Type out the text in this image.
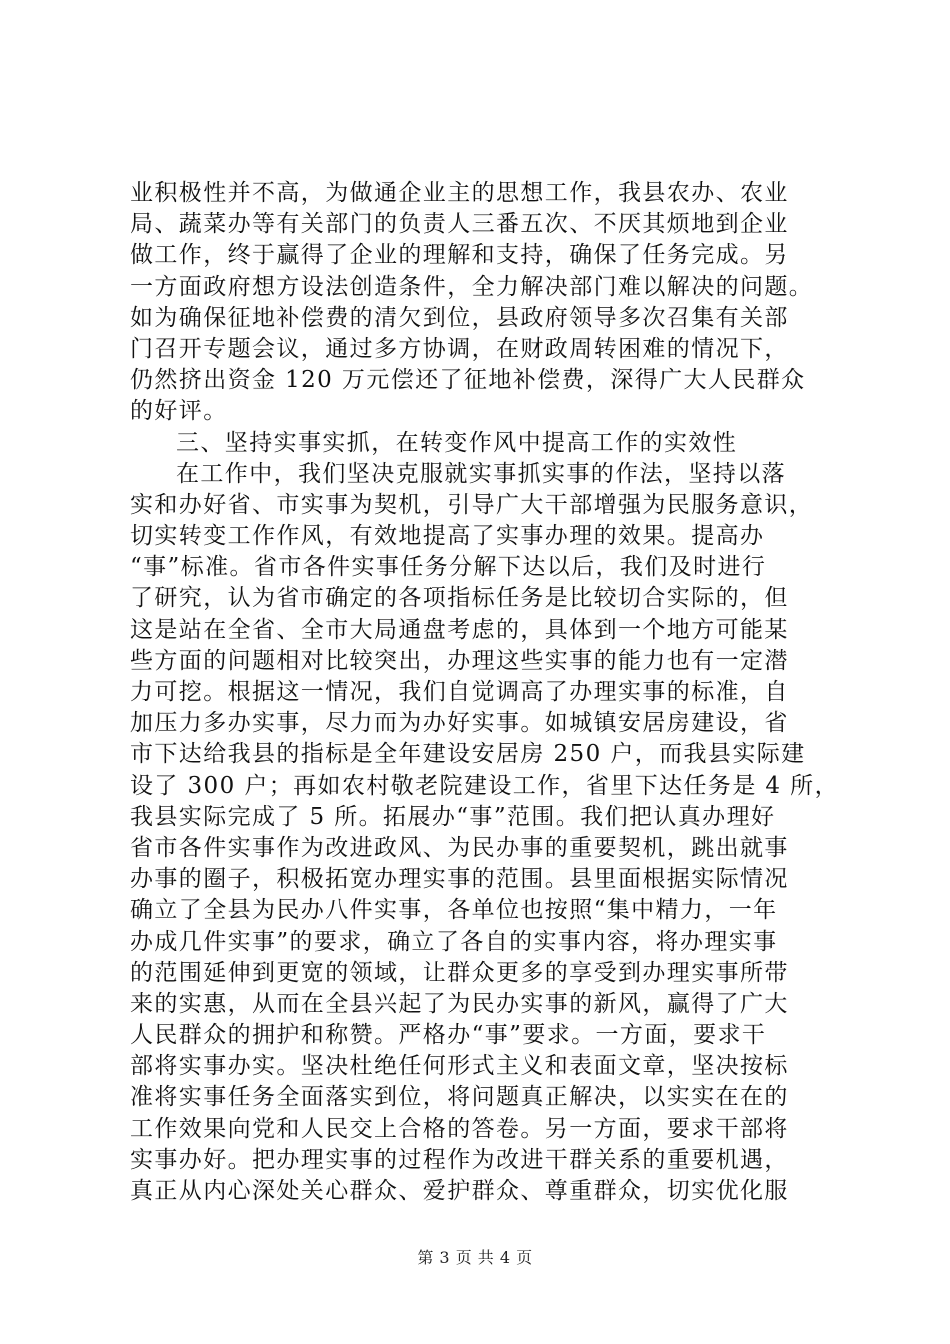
业积极性并不高，为做通企业主的思想工作，我县农办、农业
局、蔬菜办等有关部门的负责人三番五次、不厌其烦地到企业
做工作，终于赢得了企业的理解和支持，确保了任务完成。另
一方面政府想方设法创造条件，全力解决部门难以解决的问题。
如为确保征地补偿费的清欠到位，县政府领导多次召集有关部
门召开专题会议，通过多方协调，在财政周转困难的情况下，
仍然挤出资金 120 万元偿还了征地补偿费，深得广大人民群众
的好评。
三、坚持实事实抓，在转变作风中提高工作的实效性
在工作中，我们坚决克服就实事抓实事的作法，坚持以落
实和办好省、市实事为契机，引导广大干部增强为民服务意识，
切实转变工作作风，有效地提高了实事办理的效果。提高办
“事”标准。省市各件实事任务分解下达以后，我们及时进行
了研究，认为省市确定的各项指标任务是比较切合实际的，但
这是站在全省、全市大局通盘考虑的，具体到一个地方可能某
些方面的问题相对比较突出，办理这些实事的能力也有一定潜
力可挖。根据这一情况，我们自觉调高了办理实事的标准，自
加压力多办实事，尽力而为办好实事。如城镇安居房建设，省
市下达给我县的指标是全年建设安居房 250 户，而我县实际建
设了 300 户；再如农村敬老院建设工作，省里下达任务是 4 所，
我县实际完成了 5 所。拓展办“事”范围。我们把认真办理好
省市各件实事作为改进政风、为民办事的重要契机，跳出就事
办事的圈子，积极拓宽办理实事的范围。县里面根据实际情况
确立了全县为民办八件实事，各单位也按照“集中精力，一年
办成几件实事”的要求，确立了各自的实事内容，将办理实事
的范围延伸到更宽的领域，让群众更多的享受到办理实事所带
来的实惠，从而在全县兴起了为民办实事的新风，赢得了广大
人民群众的拥护和称赞。严格办“事”要求。一方面，要求干
部将实事办实。坚决杜绝任何形式主义和表面文章，坚决按标
准将实事任务全面落实到位，将问题真正解决，以实实在在的
工作效果向党和人民交上合格的答卷。另一方面，要求干部将
实事办好。把办理实事的过程作为改进干群关系的重要机遇，
真正从内心深处关心群众、爱护群众、尊重群众，切实优化服
第 3 页 共 4 页
